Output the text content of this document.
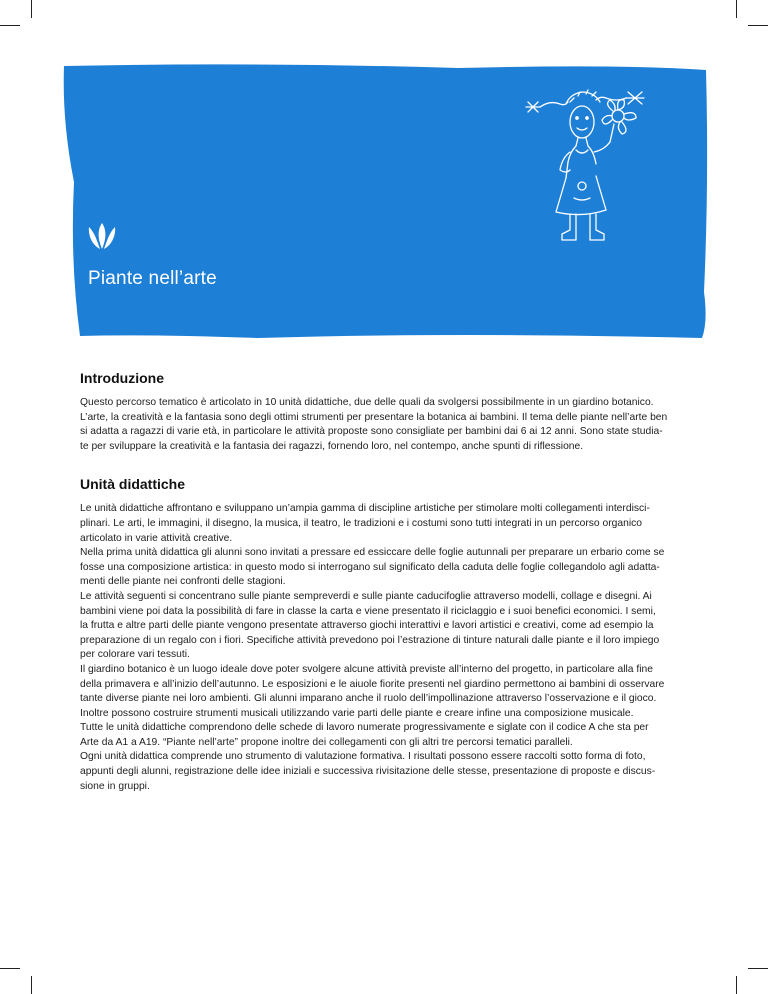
Piante nell’arte
Introduzione

Questo percorso tematico è articolato in 10 unità didattiche, due delle quali da svolgersi possibilmente in un giardino botanico.
L’arte, la creatività e la fantasia sono degli ottimi strumenti per presentare la botanica ai bambini. Il tema delle piante nell’arte ben
si adatta a ragazzi di varie età, in particolare le attività proposte sono consigliate per bambini dai 6 ai 12 anni. Sono state studia-
te per sviluppare la creatività e la fantasia dei ragazzi, fornendo loro, nel contempo, anche spunti di riflessione.

Unità didattiche

Le unità didattiche affrontano e sviluppano un’ampia gamma di discipline artistiche per stimolare molti collegamenti interdisci-
plinari. Le arti, le immagini, il disegno, la musica, il teatro, le tradizioni e i costumi sono tutti integrati in un percorso organico
articolato in varie attività creative.
Nella prima unità didattica gli alunni sono invitati a pressare ed essiccare delle foglie autunnali per preparare un erbario come se
fosse una composizione artistica: in questo modo si interrogano sul significato della caduta delle foglie collegandolo agli adatta-
menti delle piante nei confronti delle stagioni.
Le attività seguenti si concentrano sulle piante sempreverdi e sulle piante caducifoglie attraverso modelli, collage e disegni. Ai
bambini viene poi data la possibilità di fare in classe la carta e viene presentato il riciclaggio e i suoi benefici economici. I semi,
la frutta e altre parti delle piante vengono presentate attraverso giochi interattivi e lavori artistici e creativi, come ad esempio la
preparazione di un regalo con i fiori. Specifiche attività prevedono poi l’estrazione di tinture naturali dalle piante e il loro impiego
per colorare vari tessuti.
Il giardino botanico è un luogo ideale dove poter svolgere alcune attività previste all’interno del progetto, in particolare alla fine
della primavera e all’inizio dell’autunno. Le esposizioni e le aiuole fiorite presenti nel giardino permettono ai bambini di osservare
tante diverse piante nei loro ambienti. Gli alunni imparano anche il ruolo dell’impollinazione attraverso l’osservazione e il gioco.
Inoltre possono costruire strumenti musicali utilizzando varie parti delle piante e creare infine una composizione musicale.
Tutte le unità didattiche comprendono delle schede di lavoro numerate progressivamente e siglate con il codice A che sta per
Arte da A1 a A19. “Piante nell’arte” propone inoltre dei collegamenti con gli altri tre percorsi tematici paralleli.
Ogni unità didattica comprende uno strumento di valutazione formativa. I risultati possono essere raccolti sotto forma di foto,
appunti degli alunni, registrazione delle idee iniziali e successiva rivisitazione delle stesse, presentazione di proposte e discus-
sione in gruppi.
